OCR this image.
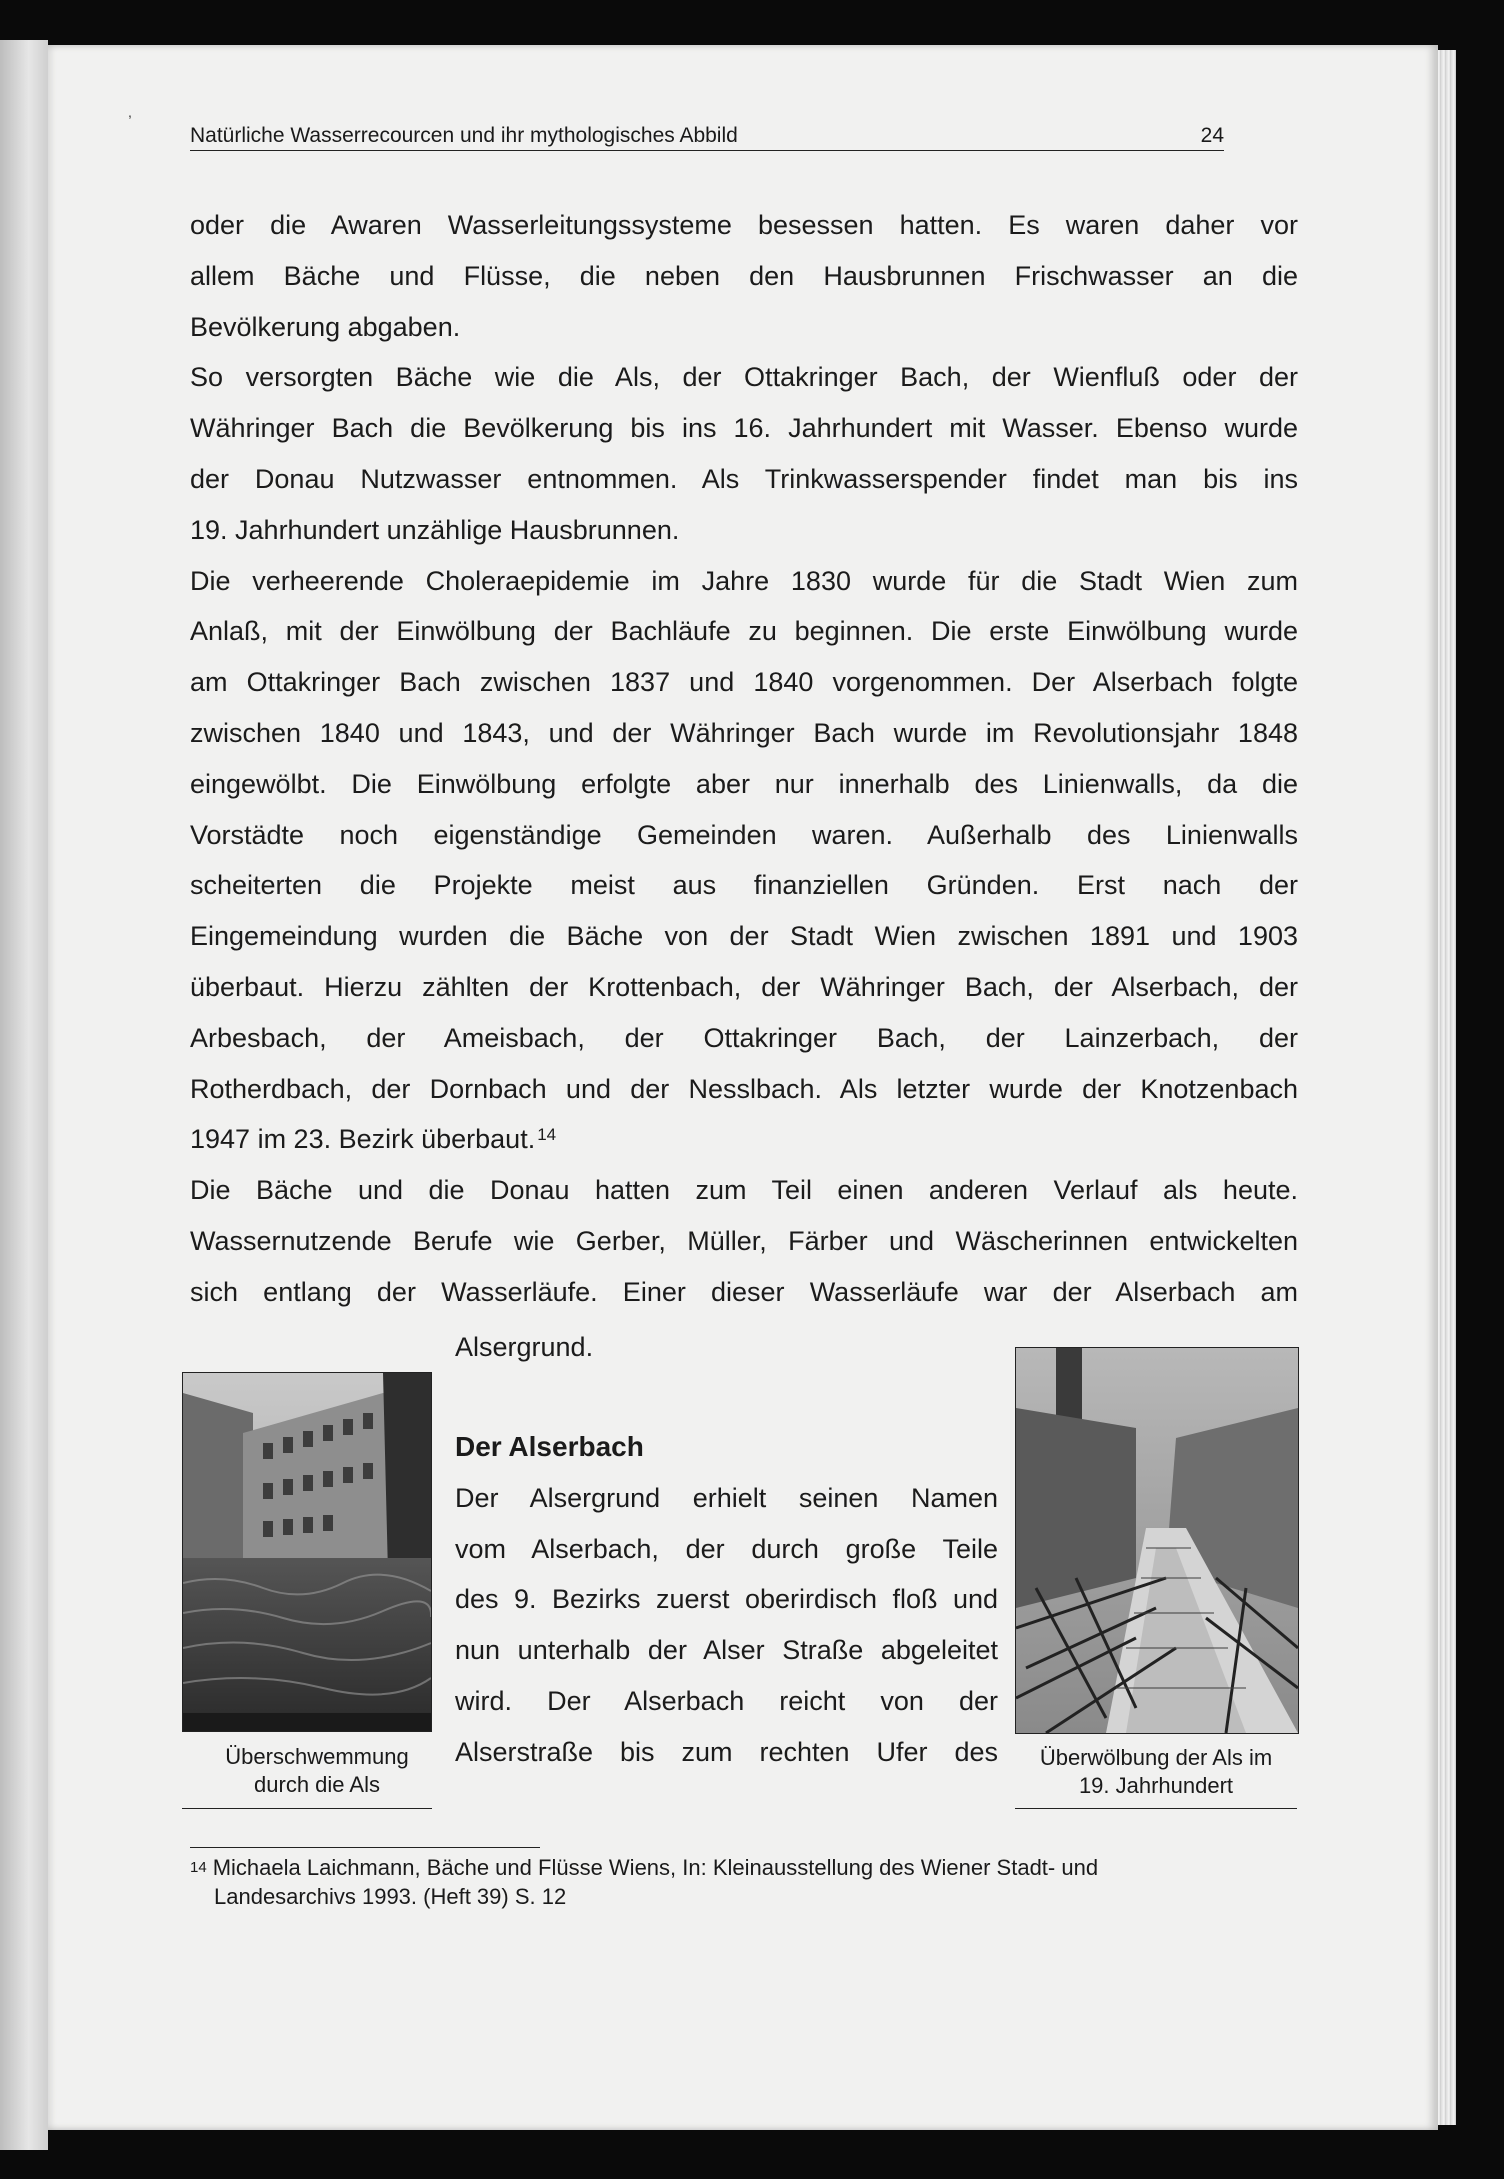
,
Natürliche Wasserrecourcen und ihr mythologisches Abbild	24
oder die Awaren Wasserleitungssysteme besessen hatten. Es waren daher vor
allem Bäche und Flüsse, die neben den Hausbrunnen Frischwasser an die
Bevölkerung abgaben.
So versorgten Bäche wie die Als, der Ottakringer Bach, der Wienfluß oder der
Währinger Bach die Bevölkerung bis ins 16. Jahrhundert mit Wasser. Ebenso wurde
der Donau Nutzwasser entnommen. Als Trinkwasserspender findet man bis ins
19. Jahrhundert unzählige Hausbrunnen.
Die verheerende Choleraepidemie im Jahre 1830 wurde für die Stadt Wien zum
Anlaß, mit der Einwölbung der Bachläufe zu beginnen. Die erste Einwölbung wurde
am Ottakringer Bach zwischen 1837 und 1840 vorgenommen. Der Alserbach folgte
zwischen 1840 und 1843, und der Währinger Bach wurde im Revolutionsjahr 1848
eingewölbt. Die Einwölbung erfolgte aber nur innerhalb des Linienwalls, da die
Vorstädte noch eigenständige Gemeinden waren. Außerhalb des Linienwalls
scheiterten die Projekte meist aus finanziellen Gründen. Erst nach der
Eingemeindung wurden die Bäche von der Stadt Wien zwischen 1891 und 1903
überbaut. Hierzu zählten der Krottenbach, der Währinger Bach, der Alserbach, der
Arbesbach, der Ameisbach, der Ottakringer Bach, der Lainzerbach, der
Rotherdbach, der Dornbach und der Nesslbach. Als letzter wurde der Knotzenbach
1947 im 23. Bezirk überbaut. $^{14}$
Die Bäche und die Donau hatten zum Teil einen anderen Verlauf als heute.
Wassernutzende Berufe wie Gerber, Müller, Färber und Wäscherinnen entwickelten
sich entlang der Wasserläufe. Einer dieser Wasserläufe war der Alserbach am
Alsergrund.
Überschwemmung
durch die Als
Der Alserbach
Der Alsergrund erhielt seinen Namen
vom Alserbach, der durch große Teile
des 9. Bezirks zuerst oberirdisch floß und
nun unterhalb der Alser Straße abgeleitet
wird. Der Alserbach reicht von der
Alserstraße bis zum rechten Ufer des	Überwölbung der Als im
19. Jahrhundert
$^{14}$ Michaela Laichmann, Bäche und Flüsse Wiens, In: Kleinausstellung des Wiener Stadt- und
Landesarchivs 1993. (Heft 39) S. 12
